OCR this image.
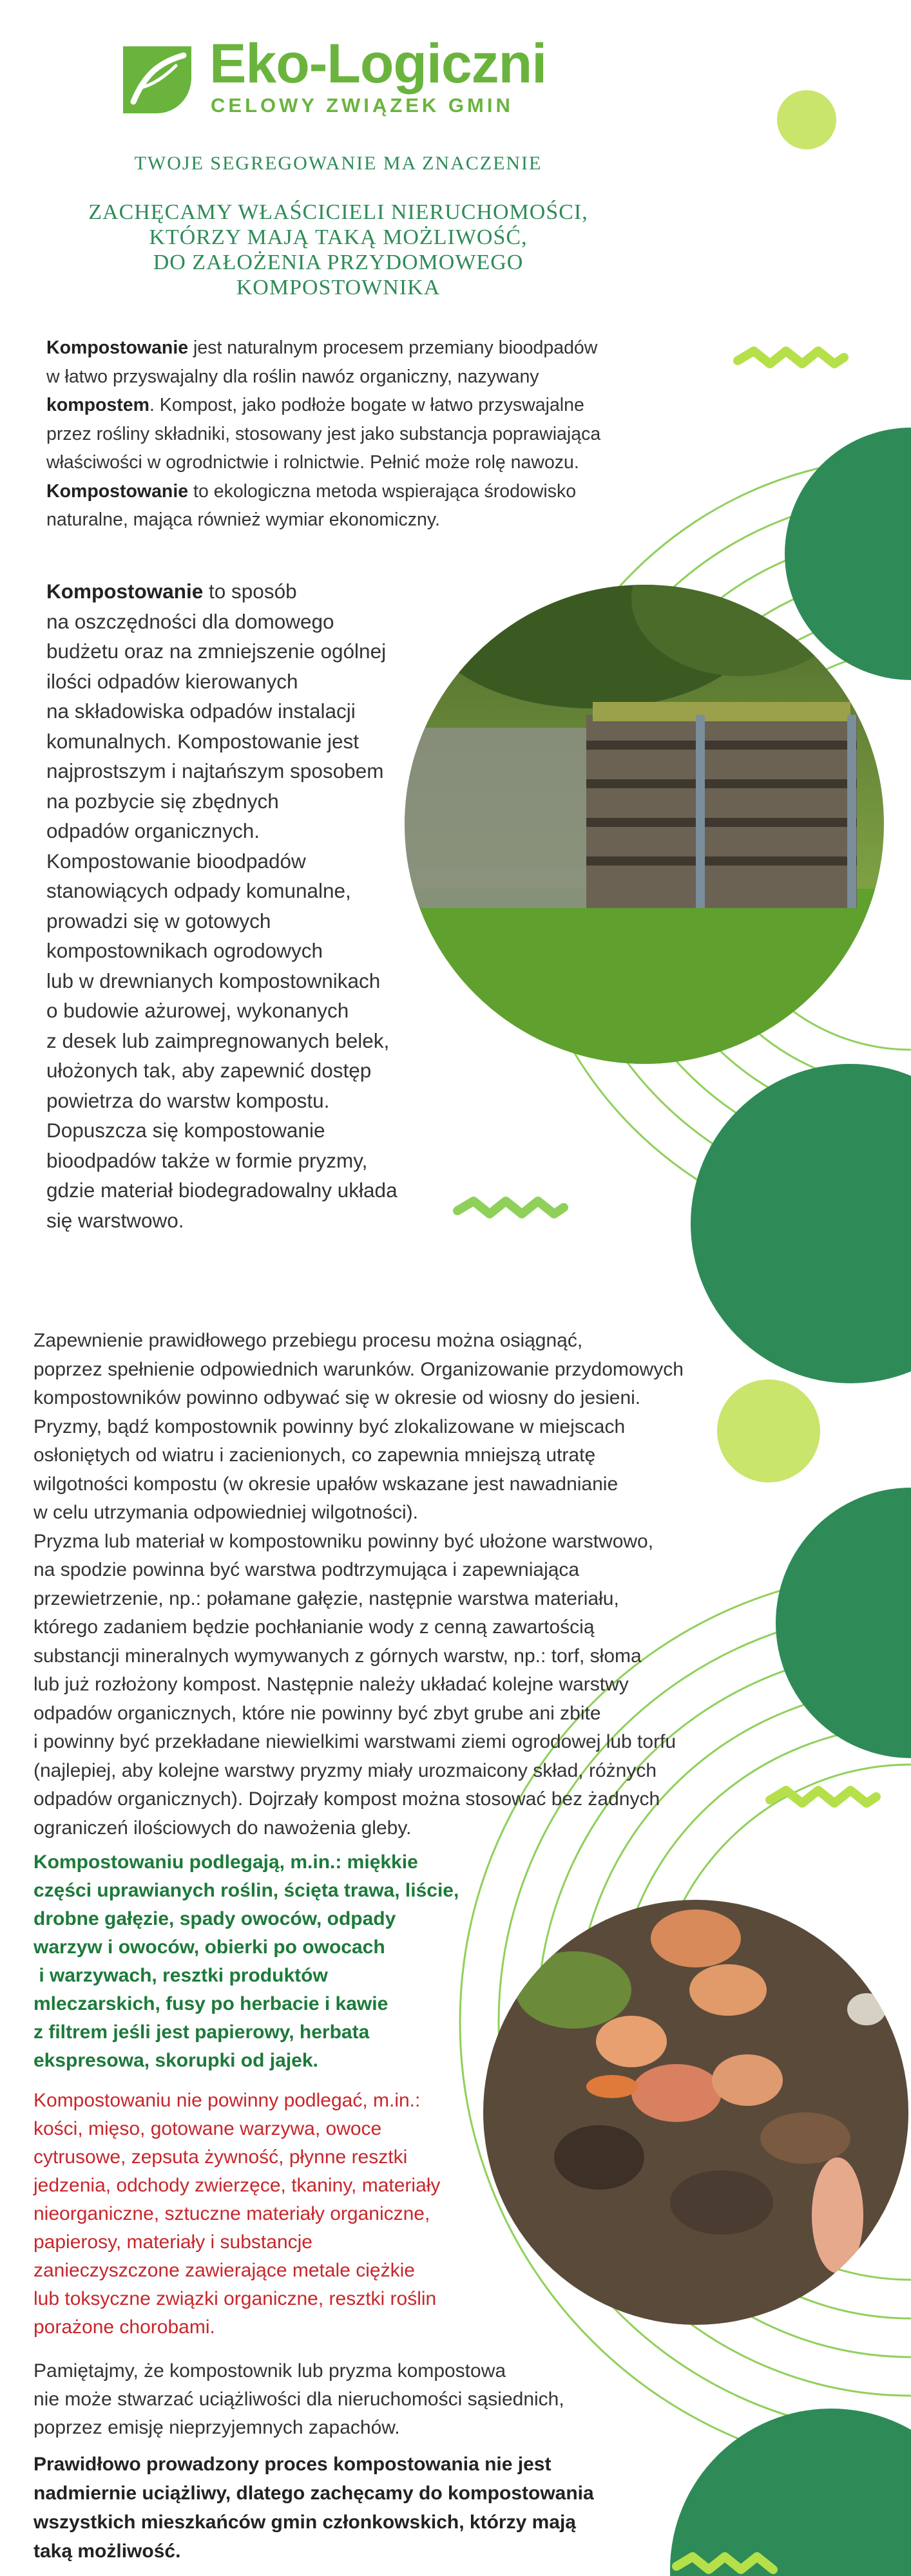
Eko-Logiczni
CELOWY ZWIĄZEK GMIN
TWOJE SEGREGOWANIE MA ZNACZENIE
ZACHĘCAMY WŁAŚCICIELI NIERUCHOMOŚCI,
KTÓRZY MAJĄ TAKĄ MOŻLIWOŚĆ,
DO ZAŁOŻENIA PRZYDOMOWEGO
KOMPOSTOWNIKA
Kompostowanie jest naturalnym procesem przemiany bioodpadów
w łatwo przyswajalny dla roślin nawóz organiczny, nazywany
kompostem. Kompost, jako podłoże bogate w łatwo przyswajalne
przez rośliny składniki, stosowany jest jako substancja poprawiająca
właściwości w ogrodnictwie i rolnictwie. Pełnić może rolę nawozu.
Kompostowanie to ekologiczna metoda wspierająca środowisko
naturalne, mająca również wymiar ekonomiczny.
Kompostowanie to sposób
na oszczędności dla domowego
budżetu oraz na zmniejszenie ogólnej
ilości odpadów kierowanych
na składowiska odpadów instalacji
komunalnych. Kompostowanie jest
najprostszym i najtańszym sposobem
na pozbycie się zbędnych
odpadów organicznych.
Kompostowanie bioodpadów
stanowiących odpady komunalne,
prowadzi się w gotowych
kompostownikach ogrodowych
lub w drewnianych kompostownikach
o budowie ażurowej, wykonanych
z desek lub zaimpregnowanych belek,
ułożonych tak, aby zapewnić dostęp
powietrza do warstw kompostu.
Dopuszcza się kompostowanie
bioodpadów także w formie pryzmy,
gdzie materiał biodegradowalny układa
się warstwowo.
Zapewnienie prawidłowego przebiegu procesu można osiągnąć,
poprzez spełnienie odpowiednich warunków. Organizowanie przydomowych
kompostowników powinno odbywać się w okresie od wiosny do jesieni.
Pryzmy, bądź kompostownik powinny być zlokalizowane w miejscach
osłoniętych od wiatru i zacienionych, co zapewnia mniejszą utratę
wilgotności kompostu (w okresie upałów wskazane jest nawadnianie
w celu utrzymania odpowiedniej wilgotności).
Pryzma lub materiał w kompostowniku powinny być ułożone warstwowo,
na spodzie powinna być warstwa podtrzymująca i zapewniająca
przewietrzenie, np.: połamane gałęzie, następnie warstwa materiału,
którego zadaniem będzie pochłanianie wody z cenną zawartością
substancji mineralnych wymywanych z górnych warstw, np.: torf, słoma
lub już rozłożony kompost. Następnie należy układać kolejne warstwy
odpadów organicznych, które nie powinny być zbyt grube ani zbite
i powinny być przekładane niewielkimi warstwami ziemi ogrodowej lub torfu
(najlepiej, aby kolejne warstwy pryzmy miały urozmaicony skład, różnych
odpadów organicznych). Dojrzały kompost można stosować bez żadnych
ograniczeń ilościowych do nawożenia gleby.
Kompostowaniu podlegają, m.in.: miękkie
części uprawianych roślin, ścięta trawa, liście,
drobne gałęzie, spady owoców, odpady
warzyw i owoców, obierki po owocach
i warzywach, resztki produktów
mleczarskich, fusy po herbacie i kawie
z filtrem jeśli jest papierowy, herbata
ekspresowa, skorupki od jajek.
Kompostowaniu nie powinny podlegać, m.in.:
kości, mięso, gotowane warzywa, owoce
cytrusowe, zepsuta żywność, płynne resztki
jedzenia, odchody zwierzęce, tkaniny, materiały
nieorganiczne, sztuczne materiały organiczne,
papierosy, materiały i substancje
zanieczyszczone zawierające metale ciężkie
lub toksyczne związki organiczne, resztki roślin
porażone chorobami.
Pamiętajmy, że kompostownik lub pryzma kompostowa
nie może stwarzać uciążliwości dla nieruchomości sąsiednich,
poprzez emisję nieprzyjemnych zapachów.
Prawidłowo prowadzony proces kompostowania nie jest
nadmiernie uciążliwy, dlatego zachęcamy do kompostowania
wszystkich mieszkańców gmin członkowskich, którzy mają
taką możliwość.
